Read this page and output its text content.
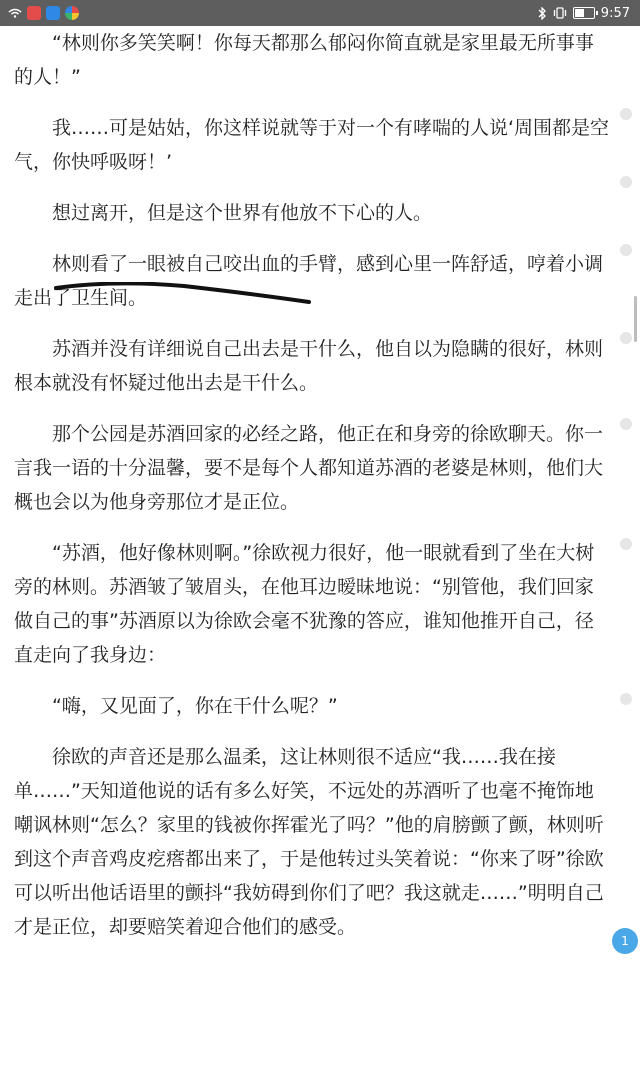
9:57

“林则你多笑笑啊！你每天都那么郁闷你简直就是家里最无所事事的人！”

我……可是姑姑，你这样说就等于对一个有哮喘的人说‘周围都是空气，你快呼吸呀！’

想过离开，但是这个世界有他放不下心的人。

林则看了一眼被自己咬出血的手臂，感到心里一阵舒适，哼着小调走出了卫生间。

苏酒并没有详细说自己出去是干什么，他自以为隐瞒的很好，林则根本就没有怀疑过他出去是干什么。

那个公园是苏酒回家的必经之路，他正在和身旁的徐欧聊天。你一言我一语的十分温馨，要不是每个人都知道苏酒的老婆是林则，他们大概也会以为他身旁那位才是正位。

“苏酒，他好像林则啊。”徐欧视力很好，他一眼就看到了坐在大树旁的林则。苏酒皱了皱眉头，在他耳边暧昧地说：“别管他，我们回家做自己的事”苏酒原以为徐欧会毫不犹豫的答应，谁知他推开自己，径直走向了我身边：

“嗨，又见面了，你在干什么呢？”

徐欧的声音还是那么温柔，这让林则很不适应“我……我在接单……”天知道他说的话有多么好笑，不远处的苏酒听了也毫不掩饰地嘲讽林则“怎么？家里的钱被你挥霍光了吗？”他的肩膀颤了颤，林则听到这个声音鸡皮疙瘩都出来了，于是他转过头笑着说：“你来了呀”徐欧可以听出他话语里的颤抖“我妨碍到你们了吧？我这就走……”明明自己才是正位，却要赔笑着迎合他们的感受。

1
